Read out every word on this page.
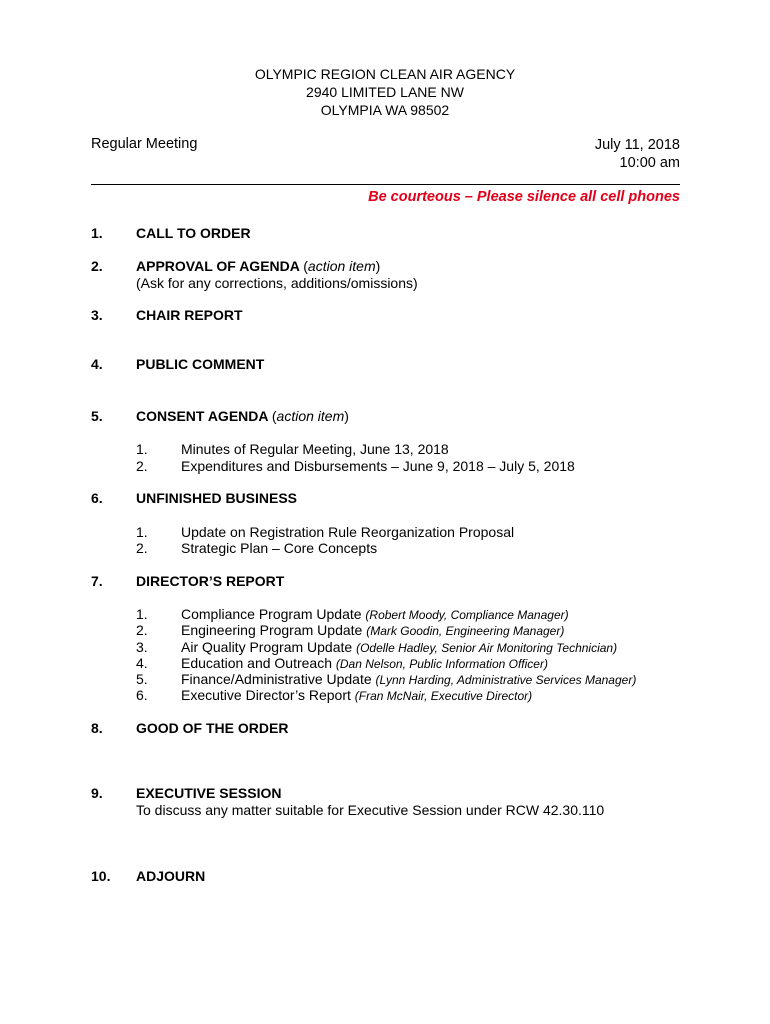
OLYMPIC REGION CLEAN AIR AGENCY
2940 LIMITED LANE NW
OLYMPIA WA 98502
Regular Meeting	July 11, 2018
10:00 am
Be courteous – Please silence all cell phones
1. CALL TO ORDER
2. APPROVAL OF AGENDA (action item)
(Ask for any corrections, additions/omissions)
3. CHAIR REPORT
4. PUBLIC COMMENT
5. CONSENT AGENDA (action item)
1. Minutes of Regular Meeting, June 13, 2018
2. Expenditures and Disbursements – June 9, 2018 – July 5, 2018
6. UNFINISHED BUSINESS
1. Update on Registration Rule Reorganization Proposal
2. Strategic Plan – Core Concepts
7. DIRECTOR’S REPORT
1. Compliance Program Update (Robert Moody, Compliance Manager)
2. Engineering Program Update (Mark Goodin, Engineering Manager)
3. Air Quality Program Update (Odelle Hadley, Senior Air Monitoring Technician)
4. Education and Outreach (Dan Nelson, Public Information Officer)
5. Finance/Administrative Update (Lynn Harding, Administrative Services Manager)
6. Executive Director’s Report (Fran McNair, Executive Director)
8. GOOD OF THE ORDER
9. EXECUTIVE SESSION
To discuss any matter suitable for Executive Session under RCW 42.30.110
10. ADJOURN
